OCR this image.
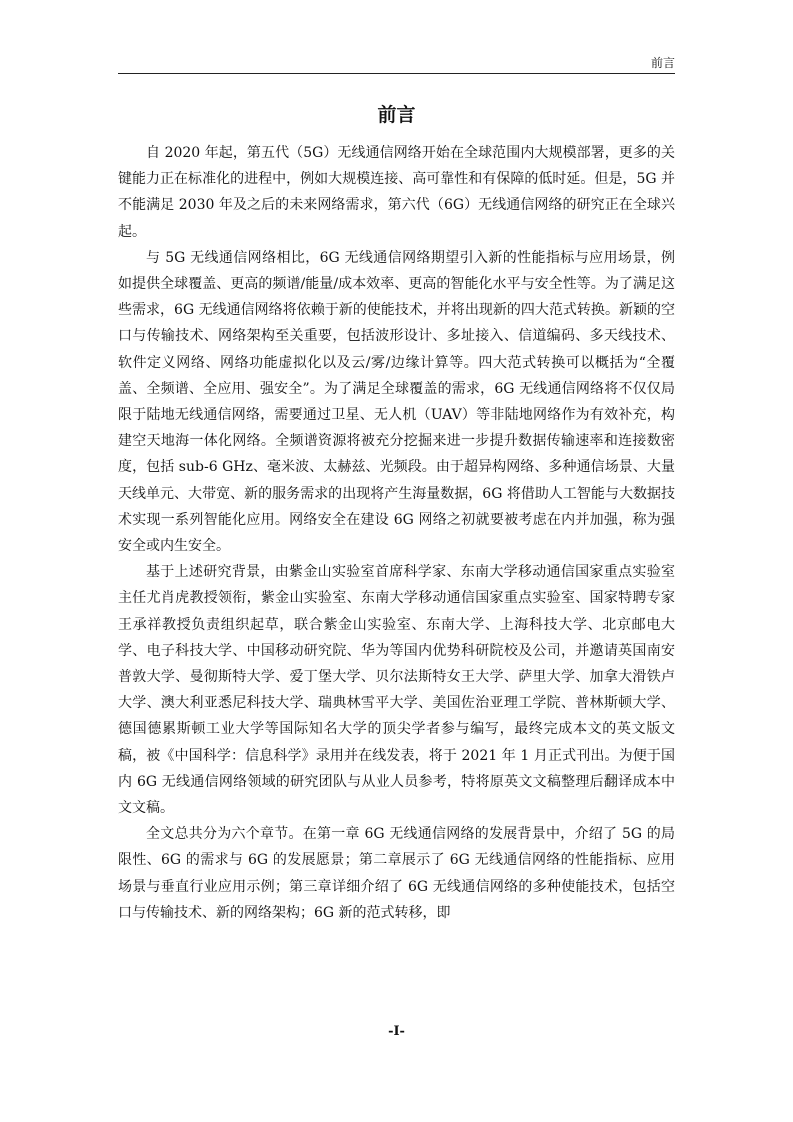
前言
前言

自 2020 年起，第五代（5G）无线通信网络开始在全球范围内大规模部署，更多的关键能力正在标准化的进程中，例如大规模连接、高可靠性和有保障的低时延。但是，5G 并不能满足 2030 年及之后的未来网络需求，第六代（6G）无线通信网络的研究正在全球兴起。

与 5G 无线通信网络相比，6G 无线通信网络期望引入新的性能指标与应用场景，例如提供全球覆盖、更高的频谱/能量/成本效率、更高的智能化水平与安全性等。为了满足这些需求，6G 无线通信网络将依赖于新的使能技术，并将出现新的四大范式转换。新颖的空口与传输技术、网络架构至关重要，包括波形设计、多址接入、信道编码、多天线技术、软件定义网络、网络功能虚拟化以及云/雾/边缘计算等。四大范式转换可以概括为“全覆盖、全频谱、全应用、强安全”。为了满足全球覆盖的需求，6G 无线通信网络将不仅仅局限于陆地无线通信网络，需要通过卫星、无人机（UAV）等非陆地网络作为有效补充，构建空天地海一体化网络。全频谱资源将被充分挖掘来进一步提升数据传输速率和连接数密度，包括 sub-6 GHz、毫米波、太赫兹、光频段。由于超异构网络、多种通信场景、大量天线单元、大带宽、新的服务需求的出现将产生海量数据，6G 将借助人工智能与大数据技术实现一系列智能化应用。网络安全在建设 6G 网络之初就要被考虑在内并加强，称为强安全或内生安全。

基于上述研究背景，由紫金山实验室首席科学家、东南大学移动通信国家重点实验室主任尤肖虎教授领衔，紫金山实验室、东南大学移动通信国家重点实验室、国家特聘专家王承祥教授负责组织起草，联合紫金山实验室、东南大学、上海科技大学、北京邮电大学、电子科技大学、中国移动研究院、华为等国内优势科研院校及公司，并邀请英国南安普敦大学、曼彻斯特大学、爱丁堡大学、贝尔法斯特女王大学、萨里大学、加拿大滑铁卢大学、澳大利亚悉尼科技大学、瑞典林雪平大学、美国佐治亚理工学院、普林斯顿大学、德国德累斯顿工业大学等国际知名大学的顶尖学者参与编写，最终完成本文的英文版文稿，被《中国科学：信息科学》录用并在线发表，将于 2021 年 1 月正式刊出。为便于国内 6G 无线通信网络领域的研究团队与从业人员参考，特将原英文文稿整理后翻译成本中文文稿。

全文总共分为六个章节。在第一章 6G 无线通信网络的发展背景中，介绍了 5G 的局限性、6G 的需求与 6G 的发展愿景；第二章展示了 6G 无线通信网络的性能指标、应用场景与垂直行业应用示例；第三章详细介绍了 6G 无线通信网络的多种使能技术，包括空口与传输技术、新的网络架构；6G 新的范式转移，即

-I-
